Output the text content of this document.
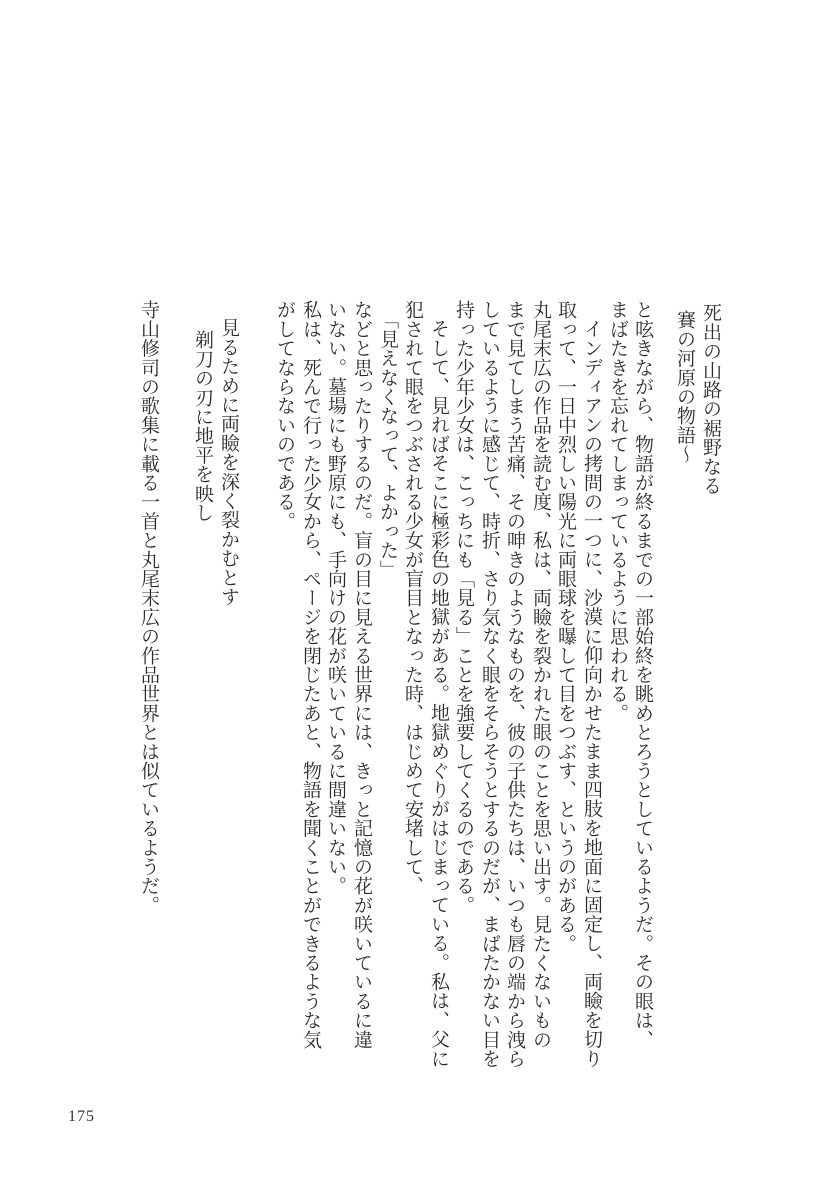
死出の山路の裾野なる
賽の河原の物語〜
と呟きながら、物語が終るまでの一部始終を眺めとろうとしているようだ。その眼は、
まばたきを忘れてしまっているように思われる。
インディアンの拷問の一つに、沙漠に仰向かせたまま四肢を地面に固定し、両瞼を切り
取って、一日中烈しい陽光に両眼球を曝して目をつぶす、というのがある。
丸尾末広の作品を読む度、私は、両瞼を裂かれた眼のことを思い出す。見たくないもの
まで見てしまう苦痛、その呻きのようなものを、彼の子供たちは、いつも唇の端から洩ら
しているように感じて、時折、さり気なく眼をそらそうとするのだが、まばたかない目を
持った少年少女は、こっちにも「見る」ことを強要してくるのである。
そして、見ればそこに極彩色の地獄がある。地獄めぐりがはじまっている。私は、父に
犯されて眼をつぶされる少女が盲目となった時、はじめて安堵して、
「見えなくなって、よかった」
などと思ったりするのだ。盲の目に見える世界には、きっと記憶の花が咲いているに違
いない。墓場にも野原にも、手向けの花が咲いているに間違いない。
私は、死んで行った少女から、ページを閉じたあと、物語を聞くことができるような気
がしてならないのである。
見るために両瞼を深く裂かむとす
剃刀の刃に地平を映し
寺山修司の歌集に載る一首と丸尾末広の作品世界とは似ているようだ。
175
